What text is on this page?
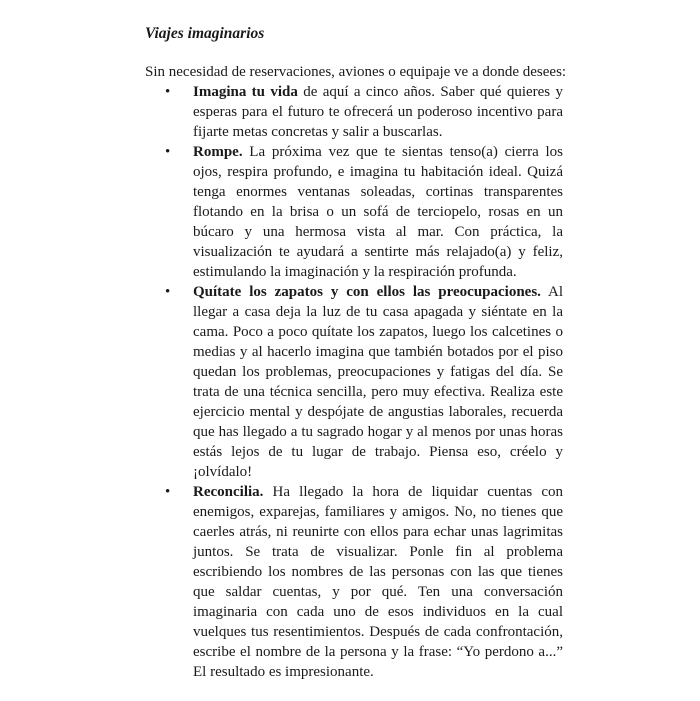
Viajes imaginarios

Sin necesidad de reservaciones, aviones o equipaje ve a donde desees:

• Imagina tu vida de aquí a cinco años. Saber qué quieres y esperas para el futuro te ofrecerá un poderoso incentivo para fijarte metas concretas y salir a buscarlas.
• Rompe. La próxima vez que te sientas tenso(a) cierra los ojos, respira profundo, e imagina tu habitación ideal. Quizá tenga enormes ventanas soleadas, cortinas transparentes flotando en la brisa o un sofá de terciopelo, rosas en un búcaro y una hermosa vista al mar. Con práctica, la visualización te ayudará a sentirte más relajado(a) y feliz, estimulando la imaginación y la respiración profunda.
• Quítate los zapatos y con ellos las preocupaciones. Al llegar a casa deja la luz de tu casa apagada y siéntate en la cama. Poco a poco quítate los zapatos, luego los calcetines o medias y al hacerlo imagina que también botados por el piso quedan los problemas, preocupaciones y fatigas del día. Se trata de una técnica sencilla, pero muy efectiva. Realiza este ejercicio mental y despójate de angustias laborales, recuerda que has llegado a tu sagrado hogar y al menos por unas horas estás lejos de tu lugar de trabajo. Piensa eso, créelo y ¡olvídalo!
• Reconcilia. Ha llegado la hora de liquidar cuentas con enemigos, exparejas, familiares y amigos. No, no tienes que caerles atrás, ni reunirte con ellos para echar unas lagrimitas juntos. Se trata de visualizar. Ponle fin al problema escribiendo los nombres de las personas con las que tienes que saldar cuentas, y por qué. Ten una conversación imaginaria con cada uno de esos individuos en la cual vuelques tus resentimientos. Después de cada confrontación, escribe el nombre de la persona y la frase: “Yo perdono a...” El resultado es impresionante.
